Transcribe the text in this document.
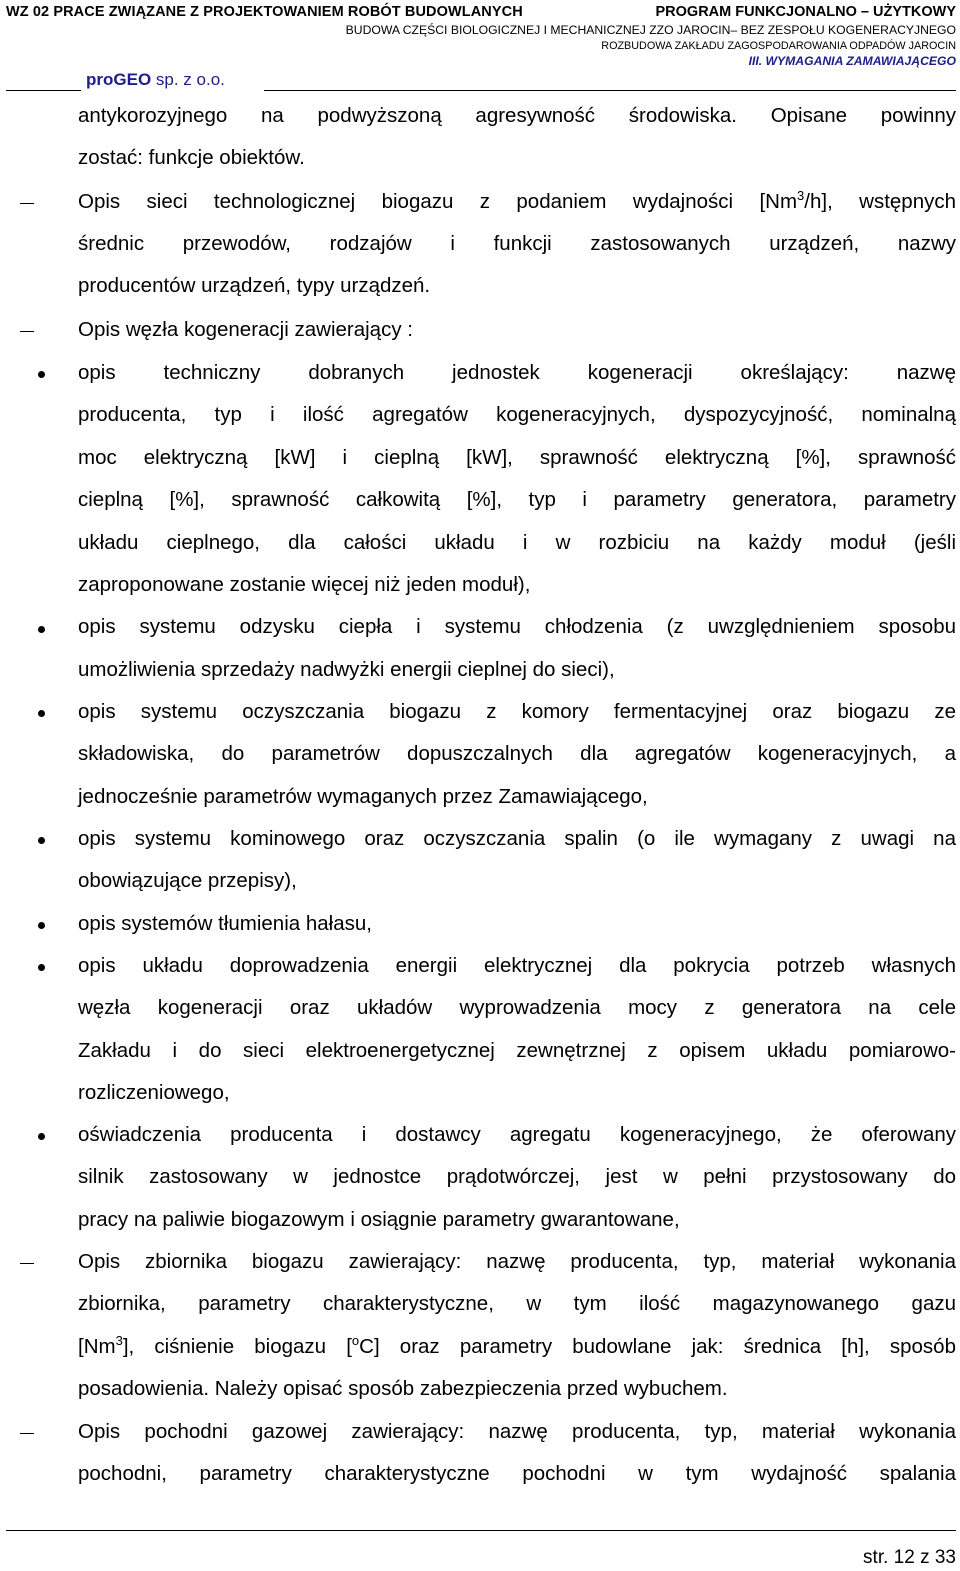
WZ 02 PRACE ZWIĄZANE Z PROJEKTOWANIEM ROBÓT BUDOWLANYCH	PROGRAM FUNKCJONALNO – UŻYTKOWY
BUDOWA CZĘŚCI BIOLOGICZNEJ I MECHANICZNEJ ZZO JAROCIN– BEZ ZESPOŁU KOGENERACYJNEGO
ROZBUDOWA ZAKŁADU ZAGOSPODAROWANIA ODPADÓW JAROCIN
III. WYMAGANIA ZAMAWIAJĄCEGO
proGEO sp. z o.o.
antykorozyjnego na podwyższoną agresywność środowiska. Opisane powinny
zostać: funkcje obiektów.
Opis sieci technologicznej biogazu z podaniem wydajności [Nm$^3$/h], wstępnych
średnic przewodów, rodzajów i funkcji zastosowanych urządzeń, nazwy
producentów urządzeń, typy urządzeń.
Opis węzła kogeneracji zawierający :
opis techniczny dobranych jednostek kogeneracji określający: nazwę
producenta, typ i ilość agregatów kogeneracyjnych, dyspozycyjność, nominalną
moc elektryczną [kW] i cieplną [kW], sprawność elektryczną [%], sprawność
cieplną [%], sprawność całkowitą [%], typ i parametry generatora, parametry
układu cieplnego, dla całości układu i w rozbiciu na każdy moduł (jeśli
zaproponowane zostanie więcej niż jeden moduł),
opis systemu odzysku ciepła i systemu chłodzenia (z uwzględnieniem sposobu
umożliwienia sprzedaży nadwyżki energii cieplnej do sieci),
opis systemu oczyszczania biogazu z komory fermentacyjnej oraz biogazu ze
składowiska, do parametrów dopuszczalnych dla agregatów kogeneracyjnych, a
jednocześnie parametrów wymaganych przez Zamawiającego,
opis systemu kominowego oraz oczyszczania spalin (o ile wymagany z uwagi na
obowiązujące przepisy),
opis systemów tłumienia hałasu,
opis układu doprowadzenia energii elektrycznej dla pokrycia potrzeb własnych
węzła kogeneracji oraz układów wyprowadzenia mocy z generatora na cele
Zakładu i do sieci elektroenergetycznej zewnętrznej z opisem układu pomiarowo-
rozliczeniowego,
oświadczenia producenta i dostawcy agregatu kogeneracyjnego, że oferowany
silnik zastosowany w jednostce prądotwórczej, jest w pełni przystosowany do
pracy na paliwie biogazowym i osiągnie parametry gwarantowane,
Opis zbiornika biogazu zawierający: nazwę producenta, typ, materiał wykonania
zbiornika, parametry charakterystyczne, w tym ilość magazynowanego gazu
[Nm$^3$], ciśnienie biogazu [$^o$C] oraz parametry budowlane jak: średnica [h], sposób
posadowienia. Należy opisać sposób zabezpieczenia przed wybuchem.
Opis pochodni gazowej zawierający: nazwę producenta, typ, materiał wykonania
pochodni, parametry charakterystyczne pochodni w tym wydajność spalania
str. 12 z 33
